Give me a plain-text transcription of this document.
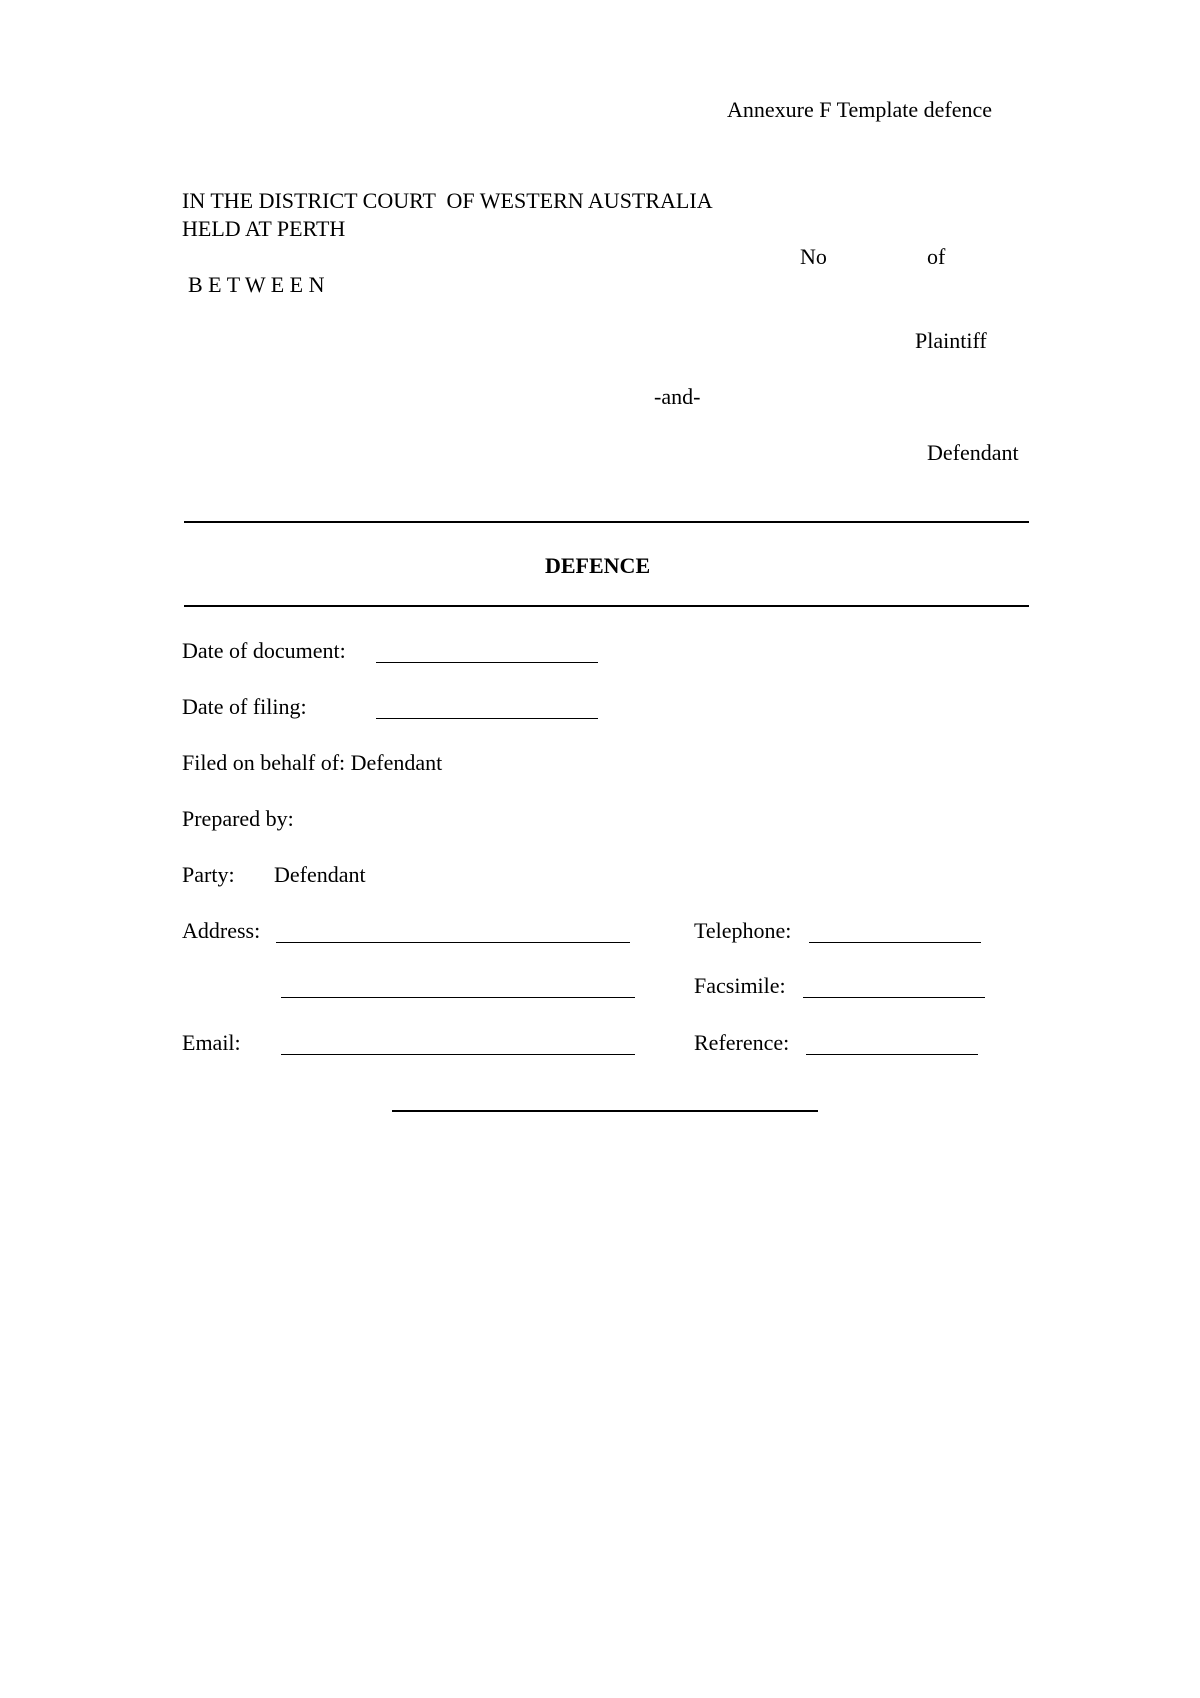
Annexure F Template defence
IN THE DISTRICT COURT  OF WESTERN AUSTRALIA
HELD AT PERTH
No	of
B E T W E E N
Plaintiff
-and-
Defendant
DEFENCE
Date of document:
Date of filing:
Filed on behalf of: Defendant
Prepared by:
Party: Defendant
Address:	Telephone:
Facsimile:
Email:	Reference:
